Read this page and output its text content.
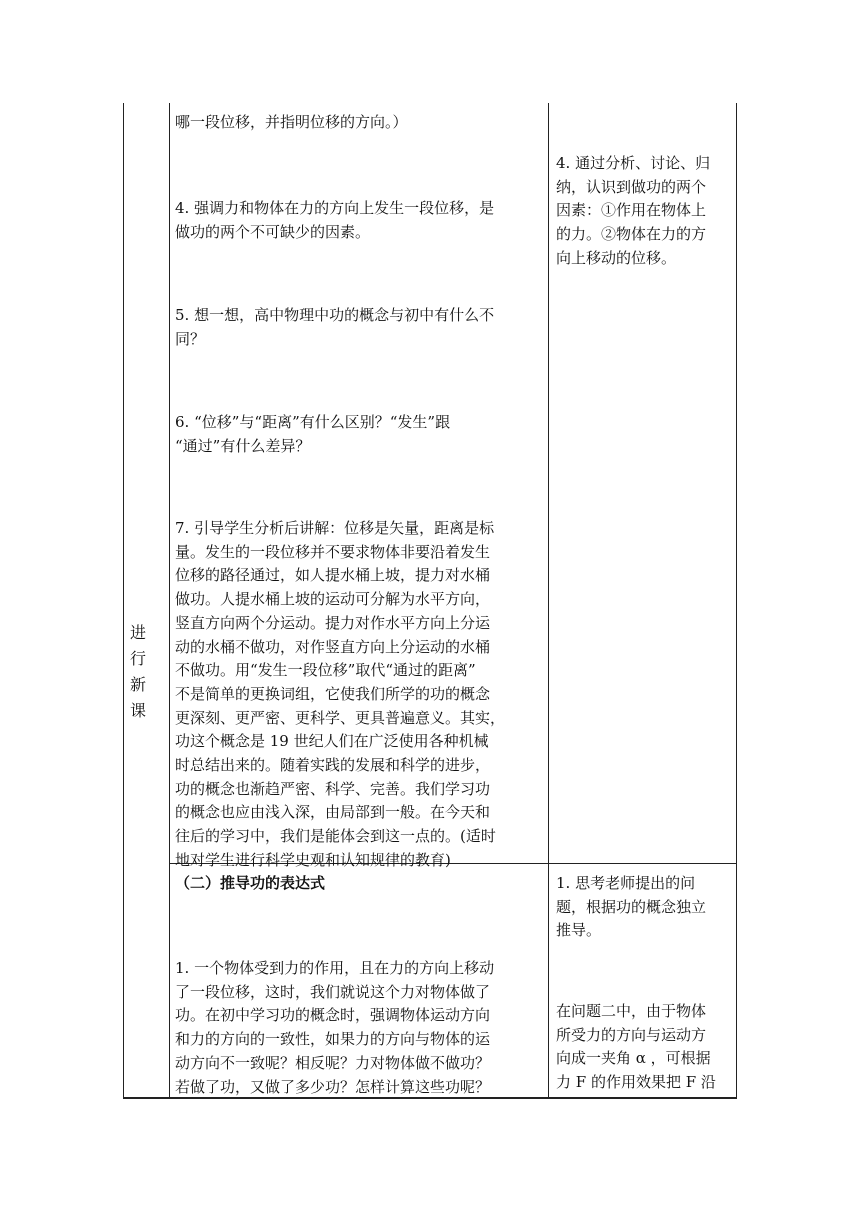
进
行
新
课
哪一段位移，并指明位移的方向。）
4. 强调力和物体在力的方向上发生一段位移，是
做功的两个不可缺少的因素。
5. 想一想，高中物理中功的概念与初中有什么不
同？
6. “位移”与“距离”有什么区别？“发生”跟
“通过”有什么差异？
7. 引导学生分析后讲解：位移是矢量，距离是标
量。发生的一段位移并不要求物体非要沿着发生
位移的路径通过，如人提水桶上坡，提力对水桶
做功。人提水桶上坡的运动可分解为水平方向，
竖直方向两个分运动。提力对作水平方向上分运
动的水桶不做功，对作竖直方向上分运动的水桶
不做功。用“发生一段位移”取代“通过的距离”
不是简单的更换词组，它使我们所学的功的概念
更深刻、更严密、更科学、更具普遍意义。其实，
功这个概念是 19 世纪人们在广泛使用各种机械
时总结出来的。随着实践的发展和科学的进步，
功的概念也渐趋严密、科学、完善。我们学习功
的概念也应由浅入深，由局部到一般。在今天和
往后的学习中，我们是能体会到这一点的。(适时
地对学生进行科学史观和认知规律的教育)
（二）推导功的表达式
1. 一个物体受到力的作用，且在力的方向上移动
了一段位移，这时，我们就说这个力对物体做了
功。在初中学习功的概念时，强调物体运动方向
和力的方向的一致性，如果力的方向与物体的运
动方向不一致呢？相反呢？力对物体做不做功？
若做了功，又做了多少功？怎样计算这些功呢？
4. 通过分析、讨论、归
纳，认识到做功的两个
因素：①作用在物体上
的力。②物体在力的方
向上移动的位移。
1. 思考老师提出的问
题，根据功的概念独立
推导。
在问题二中，由于物体
所受力的方向与运动方
向成一夹角 α ，可根据
力 F 的作用效果把 F 沿
